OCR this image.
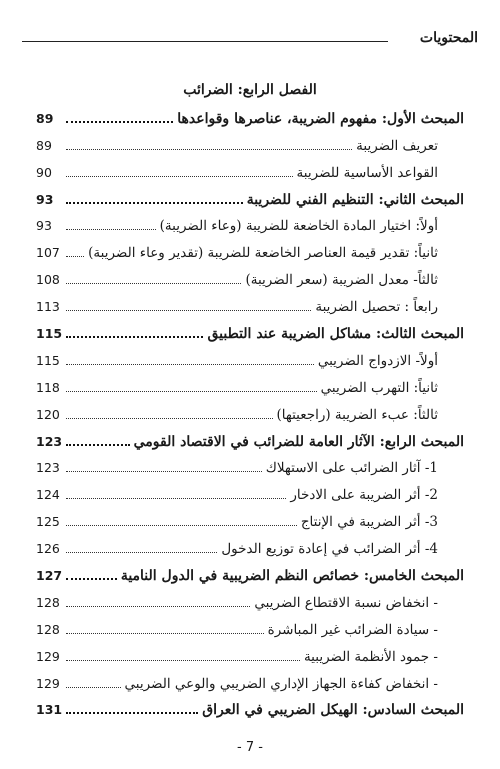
المحتويات
الفصل الرابع: الضرائب
المبحث الأول: مفهوم الضريبة، عناصرها وقواعدها
89
تعريف الضريبة
89
القواعد الأساسية للضريبة
90
المبحث الثاني: التنظيم الفني للضريبة
93
أولاً: اختيار المادة الخاضعة للضريبة (وعاء الضريبة)
93
ثانياً: تقدير قيمة العناصر الخاضعة للضريبة (تقدير وعاء الضريبة)
107
ثالثاً- معدل الضريبة (سعر الضريبة)
108
رابعاً : تحصيل الضريبة
113
المبحث الثالث: مشاكل الضريبة عند التطبيق
115
أولاً- الازدواج الضريبي
115
ثانياً: التهرب الضريبي
118
ثالثاً: عبء الضريبة (راجعيتها)
120
المبحث الرابع: الآثار العامة للضرائب في الاقتصاد القومي
123
1- آثار الضرائب على الاستهلاك
123
2- أثر الضريبة على الادخار
124
3- أثر الضريبة في الإنتاج
125
4- أثر الضرائب في إعادة توزيع الدخول
126
المبحث الخامس: خصائص النظم الضريبية في الدول النامية
127
- انخفاض نسبة الاقتطاع الضريبي
128
- سيادة الضرائب غير المباشرة
128
- جمود الأنظمة الضريبية
129
- انخفاض كفاءة الجهاز الإداري الضريبي والوعي الضريبي
129
المبحث السادس: الهيكل الضريبي في العراق
131
- 7 -
